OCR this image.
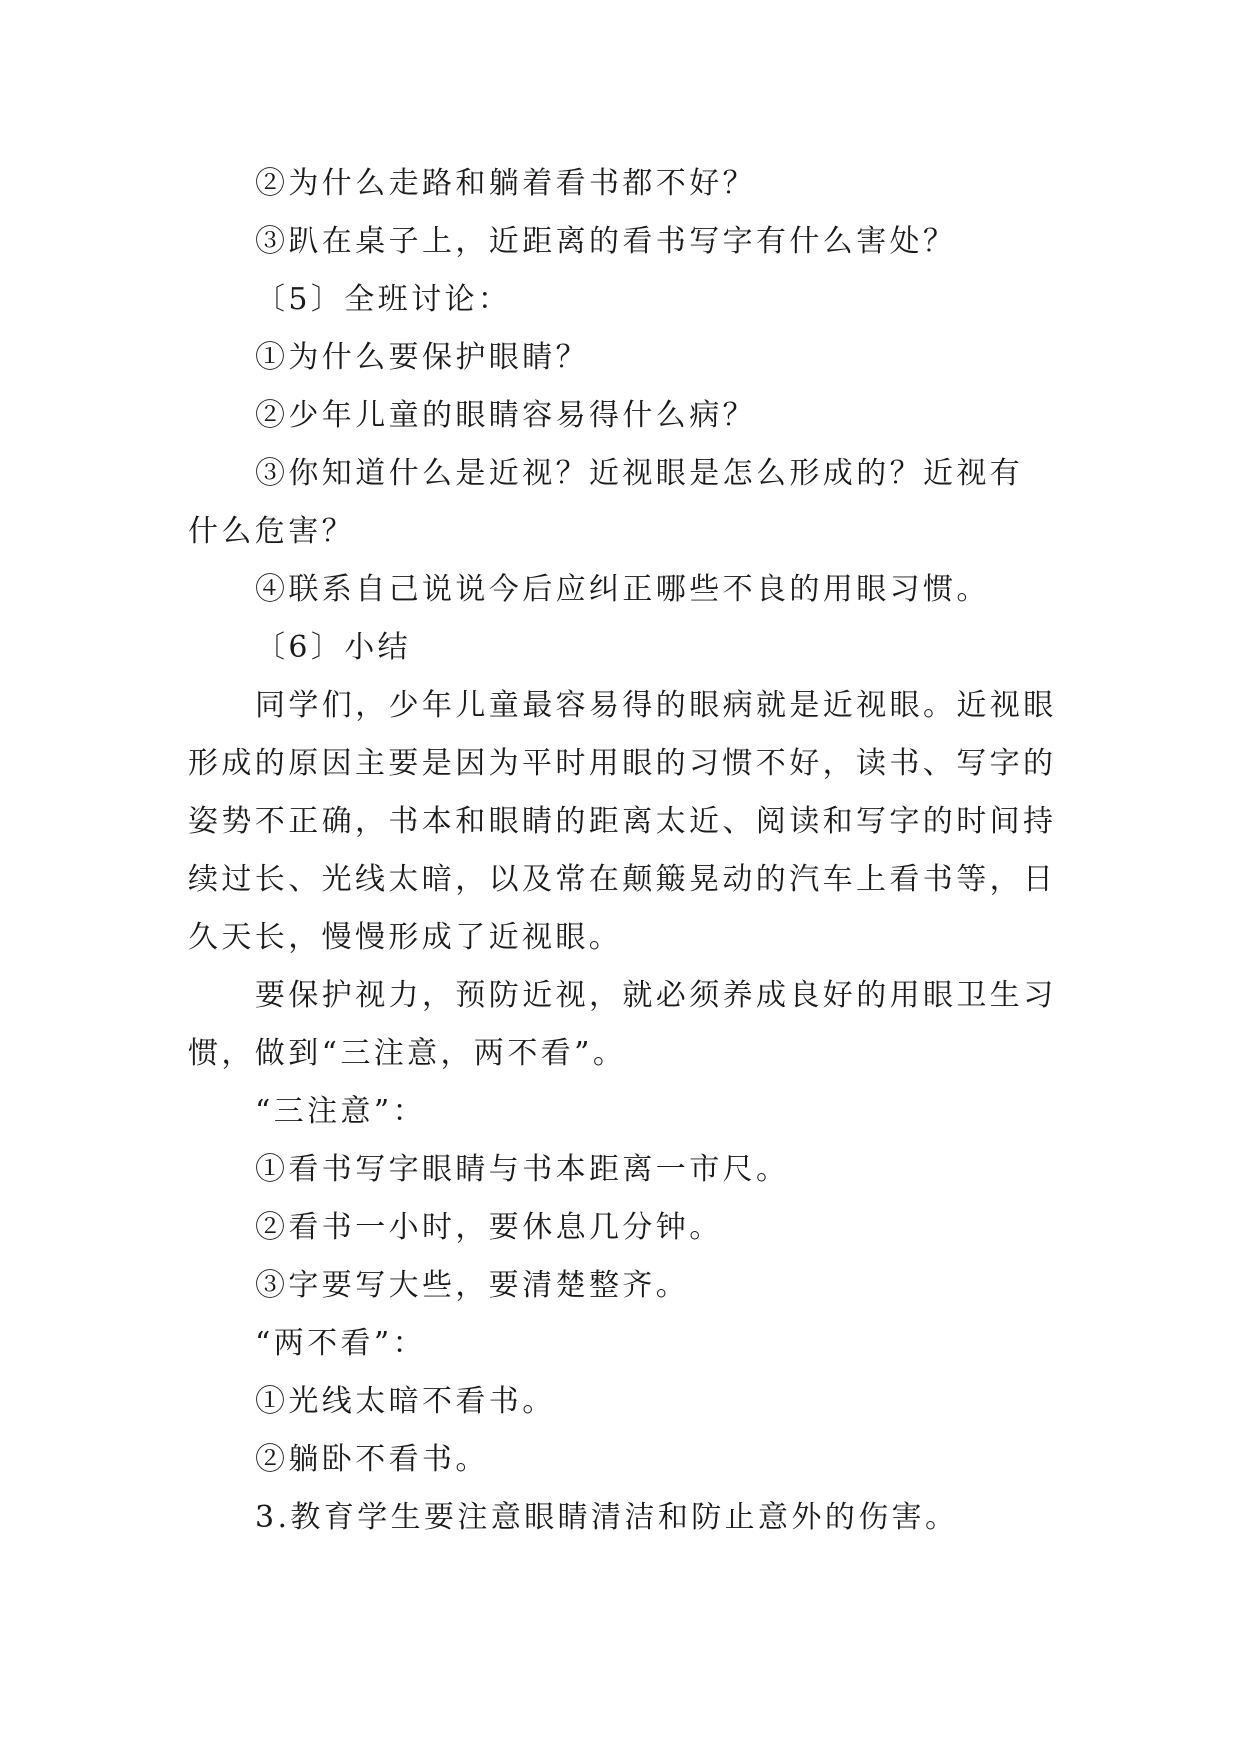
②为什么走路和躺着看书都不好？

③趴在桌子上，近距离的看书写字有什么害处？

〔5〕全班讨论：

①为什么要保护眼睛？

②少年儿童的眼睛容易得什么病？

③你知道什么是近视？近视眼是怎么形成的？近视有

什么危害？

④联系自己说说今后应纠正哪些不良的用眼习惯。

〔6〕小结

同学们，少年儿童最容易得的眼病就是近视眼。近视眼

形成的原因主要是因为平时用眼的习惯不好，读书、写字的

姿势不正确，书本和眼睛的距离太近、阅读和写字的时间持

续过长、光线太暗，以及常在颠簸晃动的汽车上看书等，日

久天长，慢慢形成了近视眼。

要保护视力，预防近视，就必须养成良好的用眼卫生习

惯，做到“三注意，两不看”。

“三注意”：

①看书写字眼睛与书本距离一市尺。

②看书一小时，要休息几分钟。

③字要写大些，要清楚整齐。

“两不看”：

①光线太暗不看书。

②躺卧不看书。

3.教育学生要注意眼睛清洁和防止意外的伤害。
